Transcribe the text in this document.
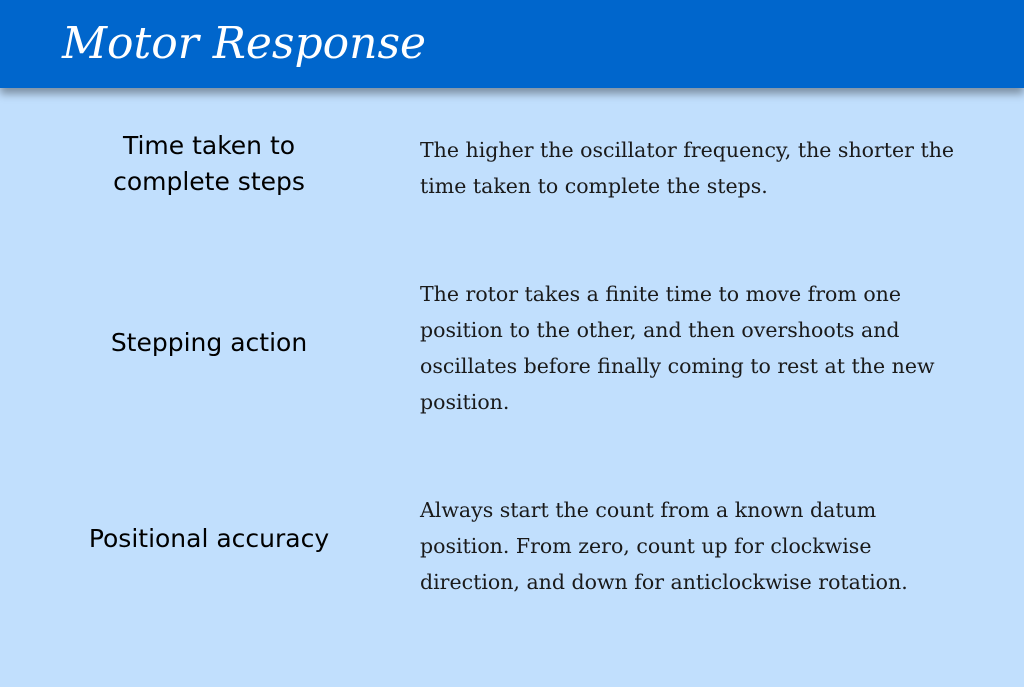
Motor Response
Time taken to
complete steps
The higher the oscillator frequency, the shorter the
time taken to complete the steps.
Stepping action
The rotor takes a finite time to move from one
position to the other, and then overshoots and
oscillates before finally coming to rest at the new
position.
Positional accuracy
Always start the count from a known datum
position. From zero, count up for clockwise
direction, and down for anticlockwise rotation.
